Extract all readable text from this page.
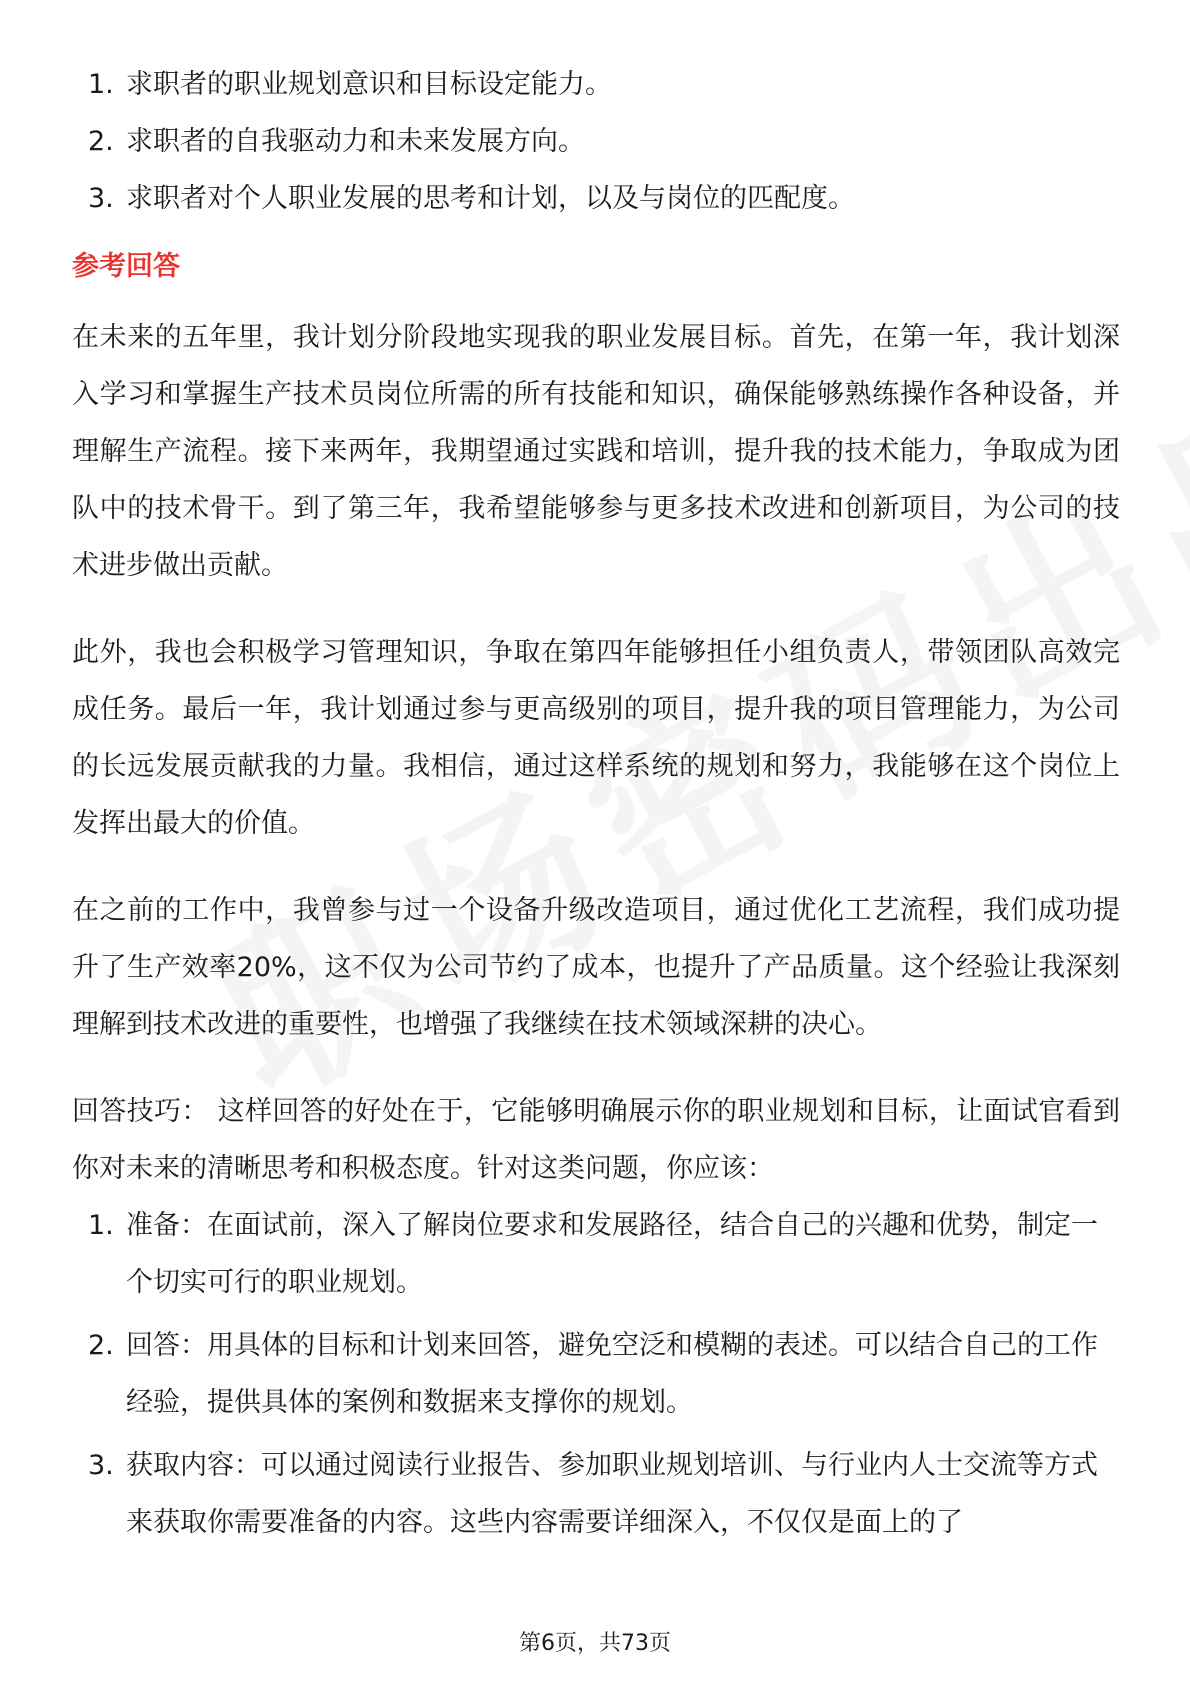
1. 求职者的职业规划意识和目标设定能力。
2. 求职者的自我驱动力和未来发展方向。
3. 求职者对个人职业发展的思考和计划，以及与岗位的匹配度。
参考回答

在未来的五年里，我计划分阶段地实现我的职业发展目标。首先，在第一年，我计划深入学习和掌握生产技术员岗位所需的所有技能和知识，确保能够熟练操作各种设备，并理解生产流程。接下来两年，我期望通过实践和培训，提升我的技术能力，争取成为团队中的技术骨干。到了第三年，我希望能够参与更多技术改进和创新项目，为公司的技术进步做出贡献。

此外，我也会积极学习管理知识，争取在第四年能够担任小组负责人，带领团队高效完成任务。最后一年，我计划通过参与更高级别的项目，提升我的项目管理能力，为公司的长远发展贡献我的力量。我相信，通过这样系统的规划和努力，我能够在这个岗位上发挥出最大的价值。

在之前的工作中，我曾参与过一个设备升级改造项目，通过优化工艺流程，我们成功提升了生产效率20%，这不仅为公司节约了成本，也提升了产品质量。这个经验让我深刻理解到技术改进的重要性，也增强了我继续在技术领域深耕的决心。

回答技巧： 这样回答的好处在于，它能够明确展示你的职业规划和目标，让面试官看到你对未来的清晰思考和积极态度。针对这类问题，你应该：

1. 准备：在面试前，深入了解岗位要求和发展路径，结合自己的兴趣和优势，制定一个切实可行的职业规划。
2. 回答：用具体的目标和计划来回答，避免空泛和模糊的表述。可以结合自己的工作经验，提供具体的案例和数据来支撑你的规划。
3. 获取内容：可以通过阅读行业报告、参加职业规划培训、与行业内人士交流等方式来获取你需要准备的内容。这些内容需要详细深入，不仅仅是面上的了
第6页，共73页
